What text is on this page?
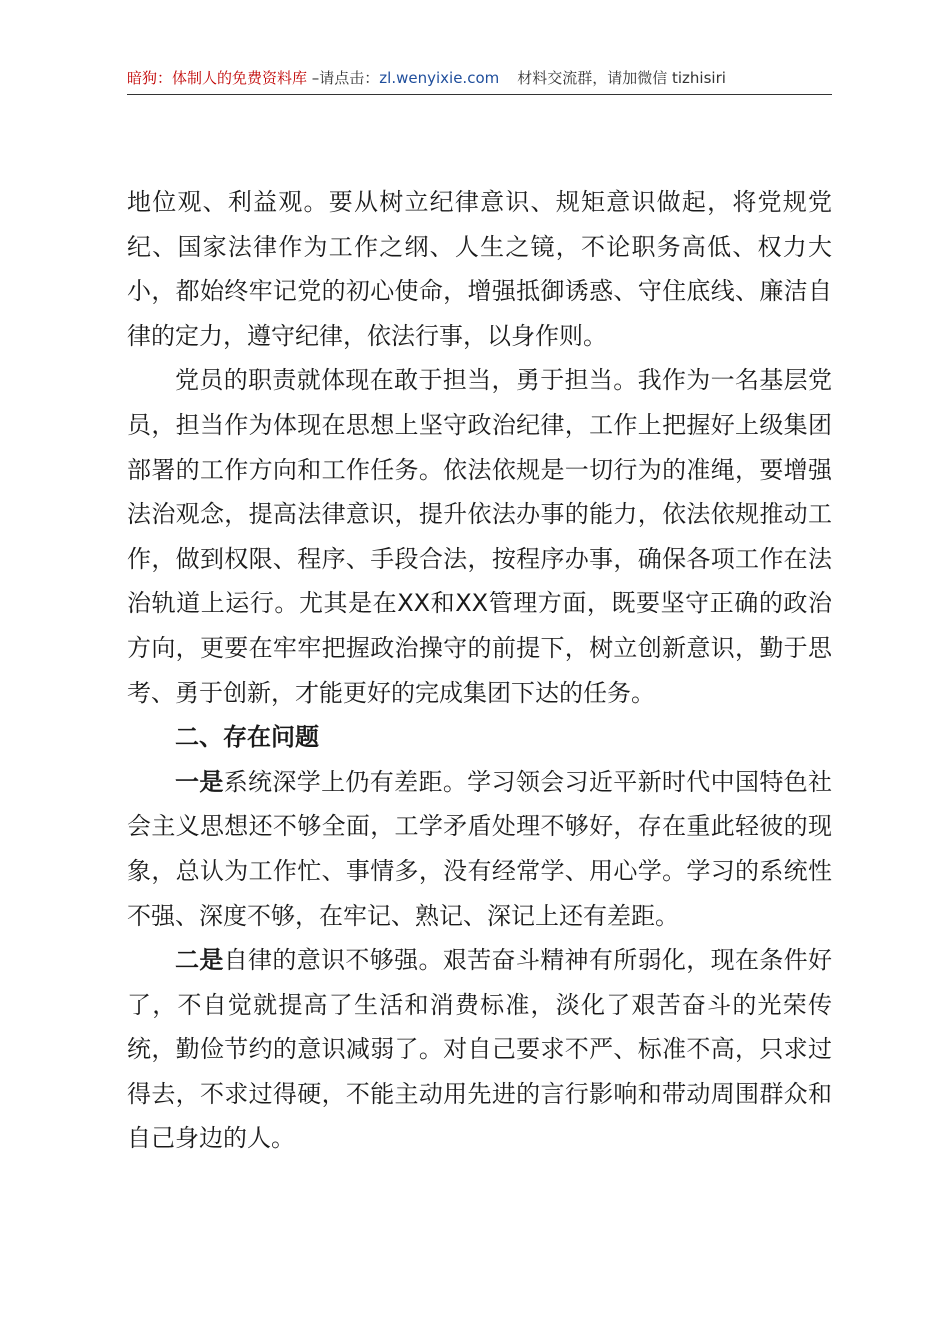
暗狗：体制人的免费资料库 –请点击：zl.wenyixie.com 材料交流群，请加微信 tizhisiri

地位观、利益观。要从树立纪律意识、规矩意识做起，将党规党纪、国家法律作为工作之纲、人生之镜，不论职务高低、权力大小，都始终牢记党的初心使命，增强抵御诱惑、守住底线、廉洁自律的定力，遵守纪律，依法行事，以身作则。

党员的职责就体现在敢于担当，勇于担当。我作为一名基层党员，担当作为体现在思想上坚守政治纪律，工作上把握好上级集团部署的工作方向和工作任务。依法依规是一切行为的准绳，要增强法治观念，提高法律意识，提升依法办事的能力，依法依规推动工作，做到权限、程序、手段合法，按程序办事，确保各项工作在法治轨道上运行。尤其是在XX和XX管理方面，既要坚守正确的政治方向，更要在牢牢把握政治操守的前提下，树立创新意识，勤于思考、勇于创新，才能更好的完成集团下达的任务。

二、存在问题

一是系统深学上仍有差距。学习领会习近平新时代中国特色社会主义思想还不够全面，工学矛盾处理不够好，存在重此轻彼的现象，总认为工作忙、事情多，没有经常学、用心学。学习的系统性不强、深度不够，在牢记、熟记、深记上还有差距。

二是自律的意识不够强。艰苦奋斗精神有所弱化，现在条件好了，不自觉就提高了生活和消费标准，淡化了艰苦奋斗的光荣传统，勤俭节约的意识减弱了。对自己要求不严、标准不高，只求过得去，不求过得硬，不能主动用先进的言行影响和带动周围群众和自己身边的人。
